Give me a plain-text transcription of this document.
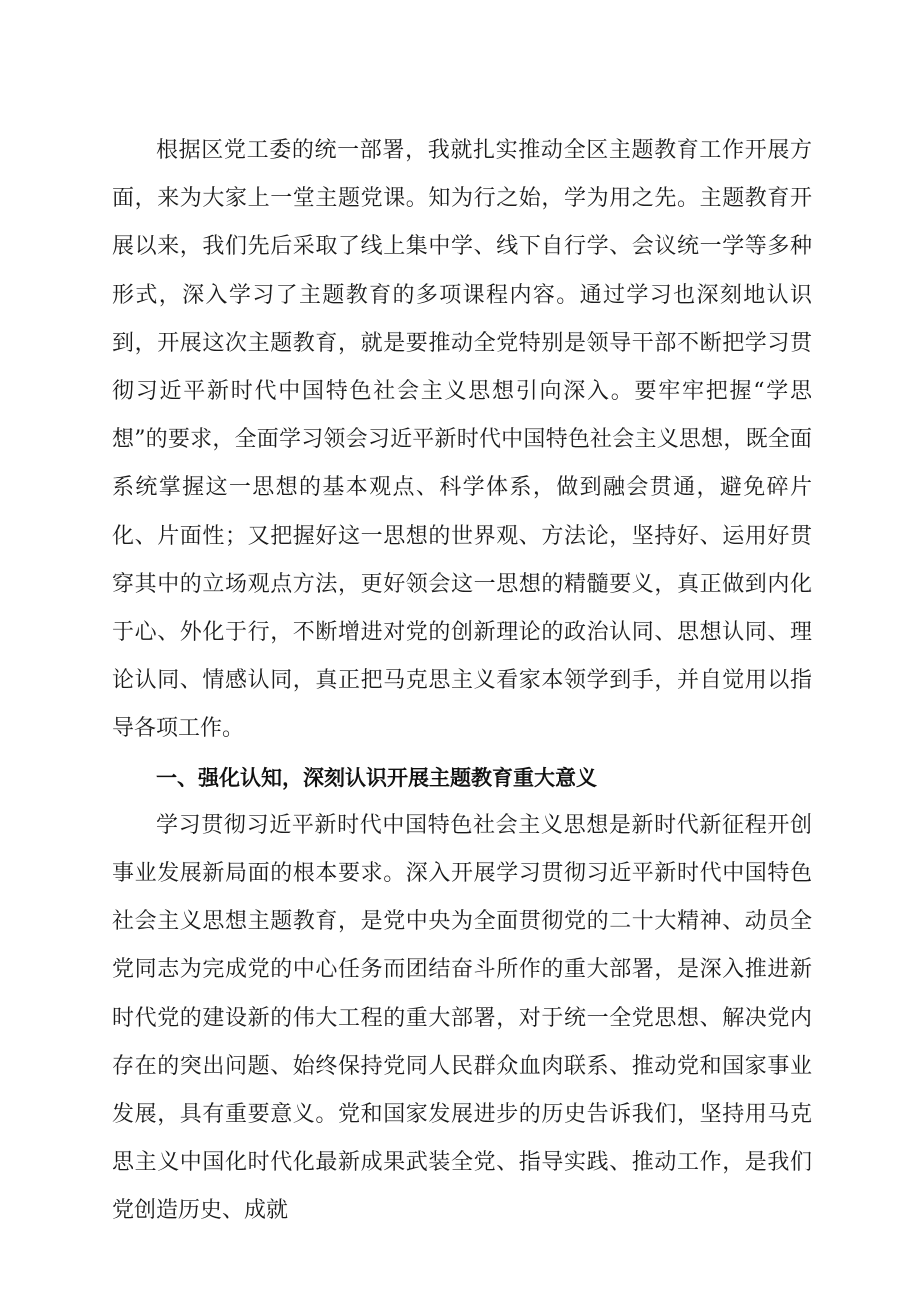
根据区党工委的统一部署，我就扎实推动全区主题教育工作开展方面，来为大家上一堂主题党课。知为行之始，学为用之先。主题教育开展以来，我们先后采取了线上集中学、线下自行学、会议统一学等多种形式，深入学习了主题教育的多项课程内容。通过学习也深刻地认识到，开展这次主题教育，就是要推动全党特别是领导干部不断把学习贯彻习近平新时代中国特色社会主义思想引向深入。要牢牢把握“学思想”的要求，全面学习领会习近平新时代中国特色社会主义思想，既全面系统掌握这一思想的基本观点、科学体系，做到融会贯通，避免碎片化、片面性；又把握好这一思想的世界观、方法论，坚持好、运用好贯穿其中的立场观点方法，更好领会这一思想的精髓要义，真正做到内化于心、外化于行，不断增进对党的创新理论的政治认同、思想认同、理论认同、情感认同，真正把马克思主义看家本领学到手，并自觉用以指导各项工作。

一、强化认知，深刻认识开展主题教育重大意义

学习贯彻习近平新时代中国特色社会主义思想是新时代新征程开创事业发展新局面的根本要求。深入开展学习贯彻习近平新时代中国特色社会主义思想主题教育，是党中央为全面贯彻党的二十大精神、动员全党同志为完成党的中心任务而团结奋斗所作的重大部署，是深入推进新时代党的建设新的伟大工程的重大部署，对于统一全党思想、解决党内存在的突出问题、始终保持党同人民群众血肉联系、推动党和国家事业发展，具有重要意义。党和国家发展进步的历史告诉我们，坚持用马克思主义中国化时代化最新成果武装全党、指导实践、推动工作，是我们党创造历史、成就
